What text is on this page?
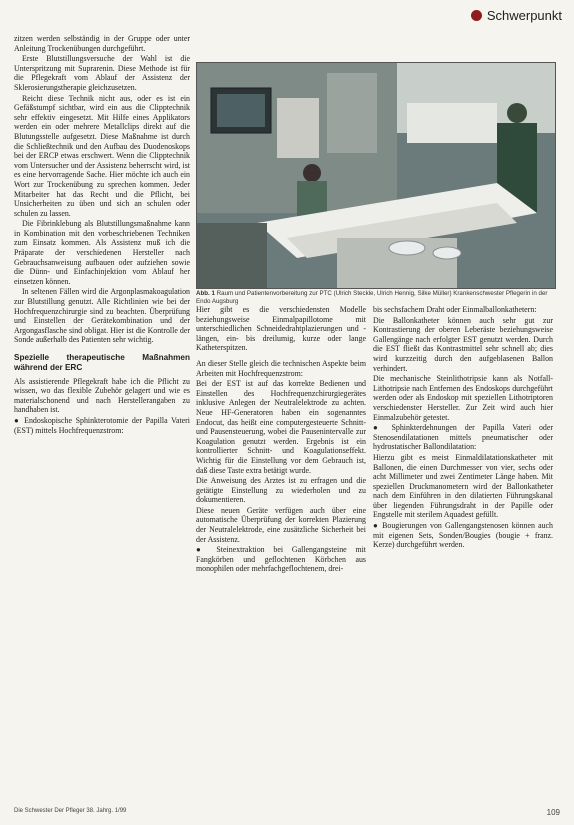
Schwerpunkt

zitzen werden selbständig in der Gruppe oder unter Anleitung Trockenübungen durchgeführt.

Erste Blutstillungsversuche der Wahl ist die Unterspritzung mit Suprarenin. Diese Methode ist für die Pflegekraft vom Ablauf der Assistenz der Sklerosierungstherapie gleichzusetzen.

Reicht diese Technik nicht aus, oder es ist ein Gefäßstumpf sichtbar, wird ein aus die Clipptechnik sehr effektiv eingesetzt. Mit Hilfe eines Applikators werden ein oder mehrere Metallclips direkt auf die Blutungsstelle aufgesetzt. Diese Maßnahme ist durch die Schließtechnik und den Aufbau des Duodenoskops bei der ERCP etwas erschwert. Wenn die Clipptechnik vom Untersucher und der Assistenz beherrscht wird, ist es eine hervorragende Sache. Hier möchte ich auch ein Wort zur Trockenübung zu sprechen kommen. Jeder Mitarbeiter hat das Recht und die Pflicht, bei Unsicherheiten zu üben und sich an schulen oder schulen zu lassen.

Die Fibrinklebung als Blutstillungsmaßnahme kann in Kombination mit den vorbeschriebenen Techniken zum Einsatz kommen. Als Assistenz muß ich die Präparate der verschiedenen Hersteller nach Gebrauchsanweisung aufbauen oder aufziehen sowie die Dünn- und Einfachinjektion vom Ablauf her einsetzen können.

In seltenen Fällen wird die Argonplasmakoagulation zur Blutstillung genutzt. Alle Richtlinien wie bei der Hochfrequenzchirurgie sind zu beachten. Überprüfung und Einstellen der Gerätekombination und der Argongasflasche sind obligat. Hier ist die Kontrolle der Sonde außerhalb des Patienten sehr wichtig.

Spezielle therapeutische Maßnahmen während der ERC

Als assistierende Pflegekraft habe ich die Pflicht zu wissen, wo das flexible Zubehör gelagert und wie es materialschonend und nach Herstellerangaben zu handhaben ist.

● Endoskopische Sphinkterotomie der Papilla Vateri (EST) mittels Hochfrequenzstrom:

Abb. 1 Raum und Patientenvorbereitung zur PTC (Ulrich Steckle, Ulrich Hennig, Silke Müller) Krankenschwester Pflegerin in der Endo Augsburg

Hier gibt es die verschiedensten Modelle beziehungsweise Einmalpapillotome mit unterschiedlichen Schneidedrahtplazierungen und -längen, ein- bis dreilumig, kurze oder lange Katheterspitzen.

An dieser Stelle gleich die technischen Aspekte beim Arbeiten mit Hochfrequenzstrom:

Bei der EST ist auf das korrekte Bedienen und Einstellen des Hochfrequenzchirurgiegerätes inklusive Anlegen der Neutralelektrode zu achten. Neue HF-Generatoren haben ein sogenanntes Endocut, das heißt eine computergesteuerte Schnitt- und Pausensteuerung, wobei die Pausenintervalle zur Koagulation genutzt werden. Ergebnis ist ein kontrollierter Schnitt- und Koagulationseffekt. Wichtig für die Einstellung vor dem Gebrauch ist, daß diese Taste extra betätigt wurde.

Die Anweisung des Arztes ist zu erfragen und die getätigte Einstellung zu wiederholen und zu dokumentieren.

Diese neuen Geräte verfügen auch über eine automatische Überprüfung der korrekten Plazierung der Neutralelektrode, eine zusätzliche Sicherheit bei der Assistenz.

● Steinextraktion bei Gallengangsteine mit Fangkörben und geflochtenen Körbchen aus monophilen oder mehrfachgeflochtenem, drei-

bis sechsfachem Draht oder Einmalballonkathetern:

Die Ballonkatheter können auch sehr gut zur Kontrastierung der oberen Leberäste beziehungsweise Gallengänge nach erfolgter EST genutzt werden. Durch die EST fließt das Kontrastmittel sehr schnell ab; dies wird kurzzeitig durch den aufgeblasenen Ballon verhindert.

Die mechanische Steinlithotripsie kann als Notfall-Lithotripsie nach Entfernen des Endoskops durchgeführt werden oder als Endoskop mit speziellen Lithotriptoren verschiedenster Hersteller. Zur Zeit wird auch hier Einmalzubehör getestet.

● Sphinkterdehnungen der Papilla Vateri oder Stenosendilatationen mittels pneumatischer oder hydrostatischer Ballondilatation:

Hierzu gibt es meist Einmaldilatationskatheter mit Ballonen, die einen Durchmesser von vier, sechs oder acht Millimeter und zwei Zentimeter Länge haben. Mit speziellen Druckmanometern wird der Ballonkatheter nach dem Einführen in den dilatierten Führungskanal über liegenden Führungsdraht in der Papille oder Engstelle mit sterilem Aquadest gefüllt.

● Bougierungen von Gallengangstenosen können auch mit eigenen Sets, Sonden/Bougies (bougie + franz. Kerze) durchgeführt werden.

Die Schwester Der Pfleger 38. Jahrg. 1/99	109
